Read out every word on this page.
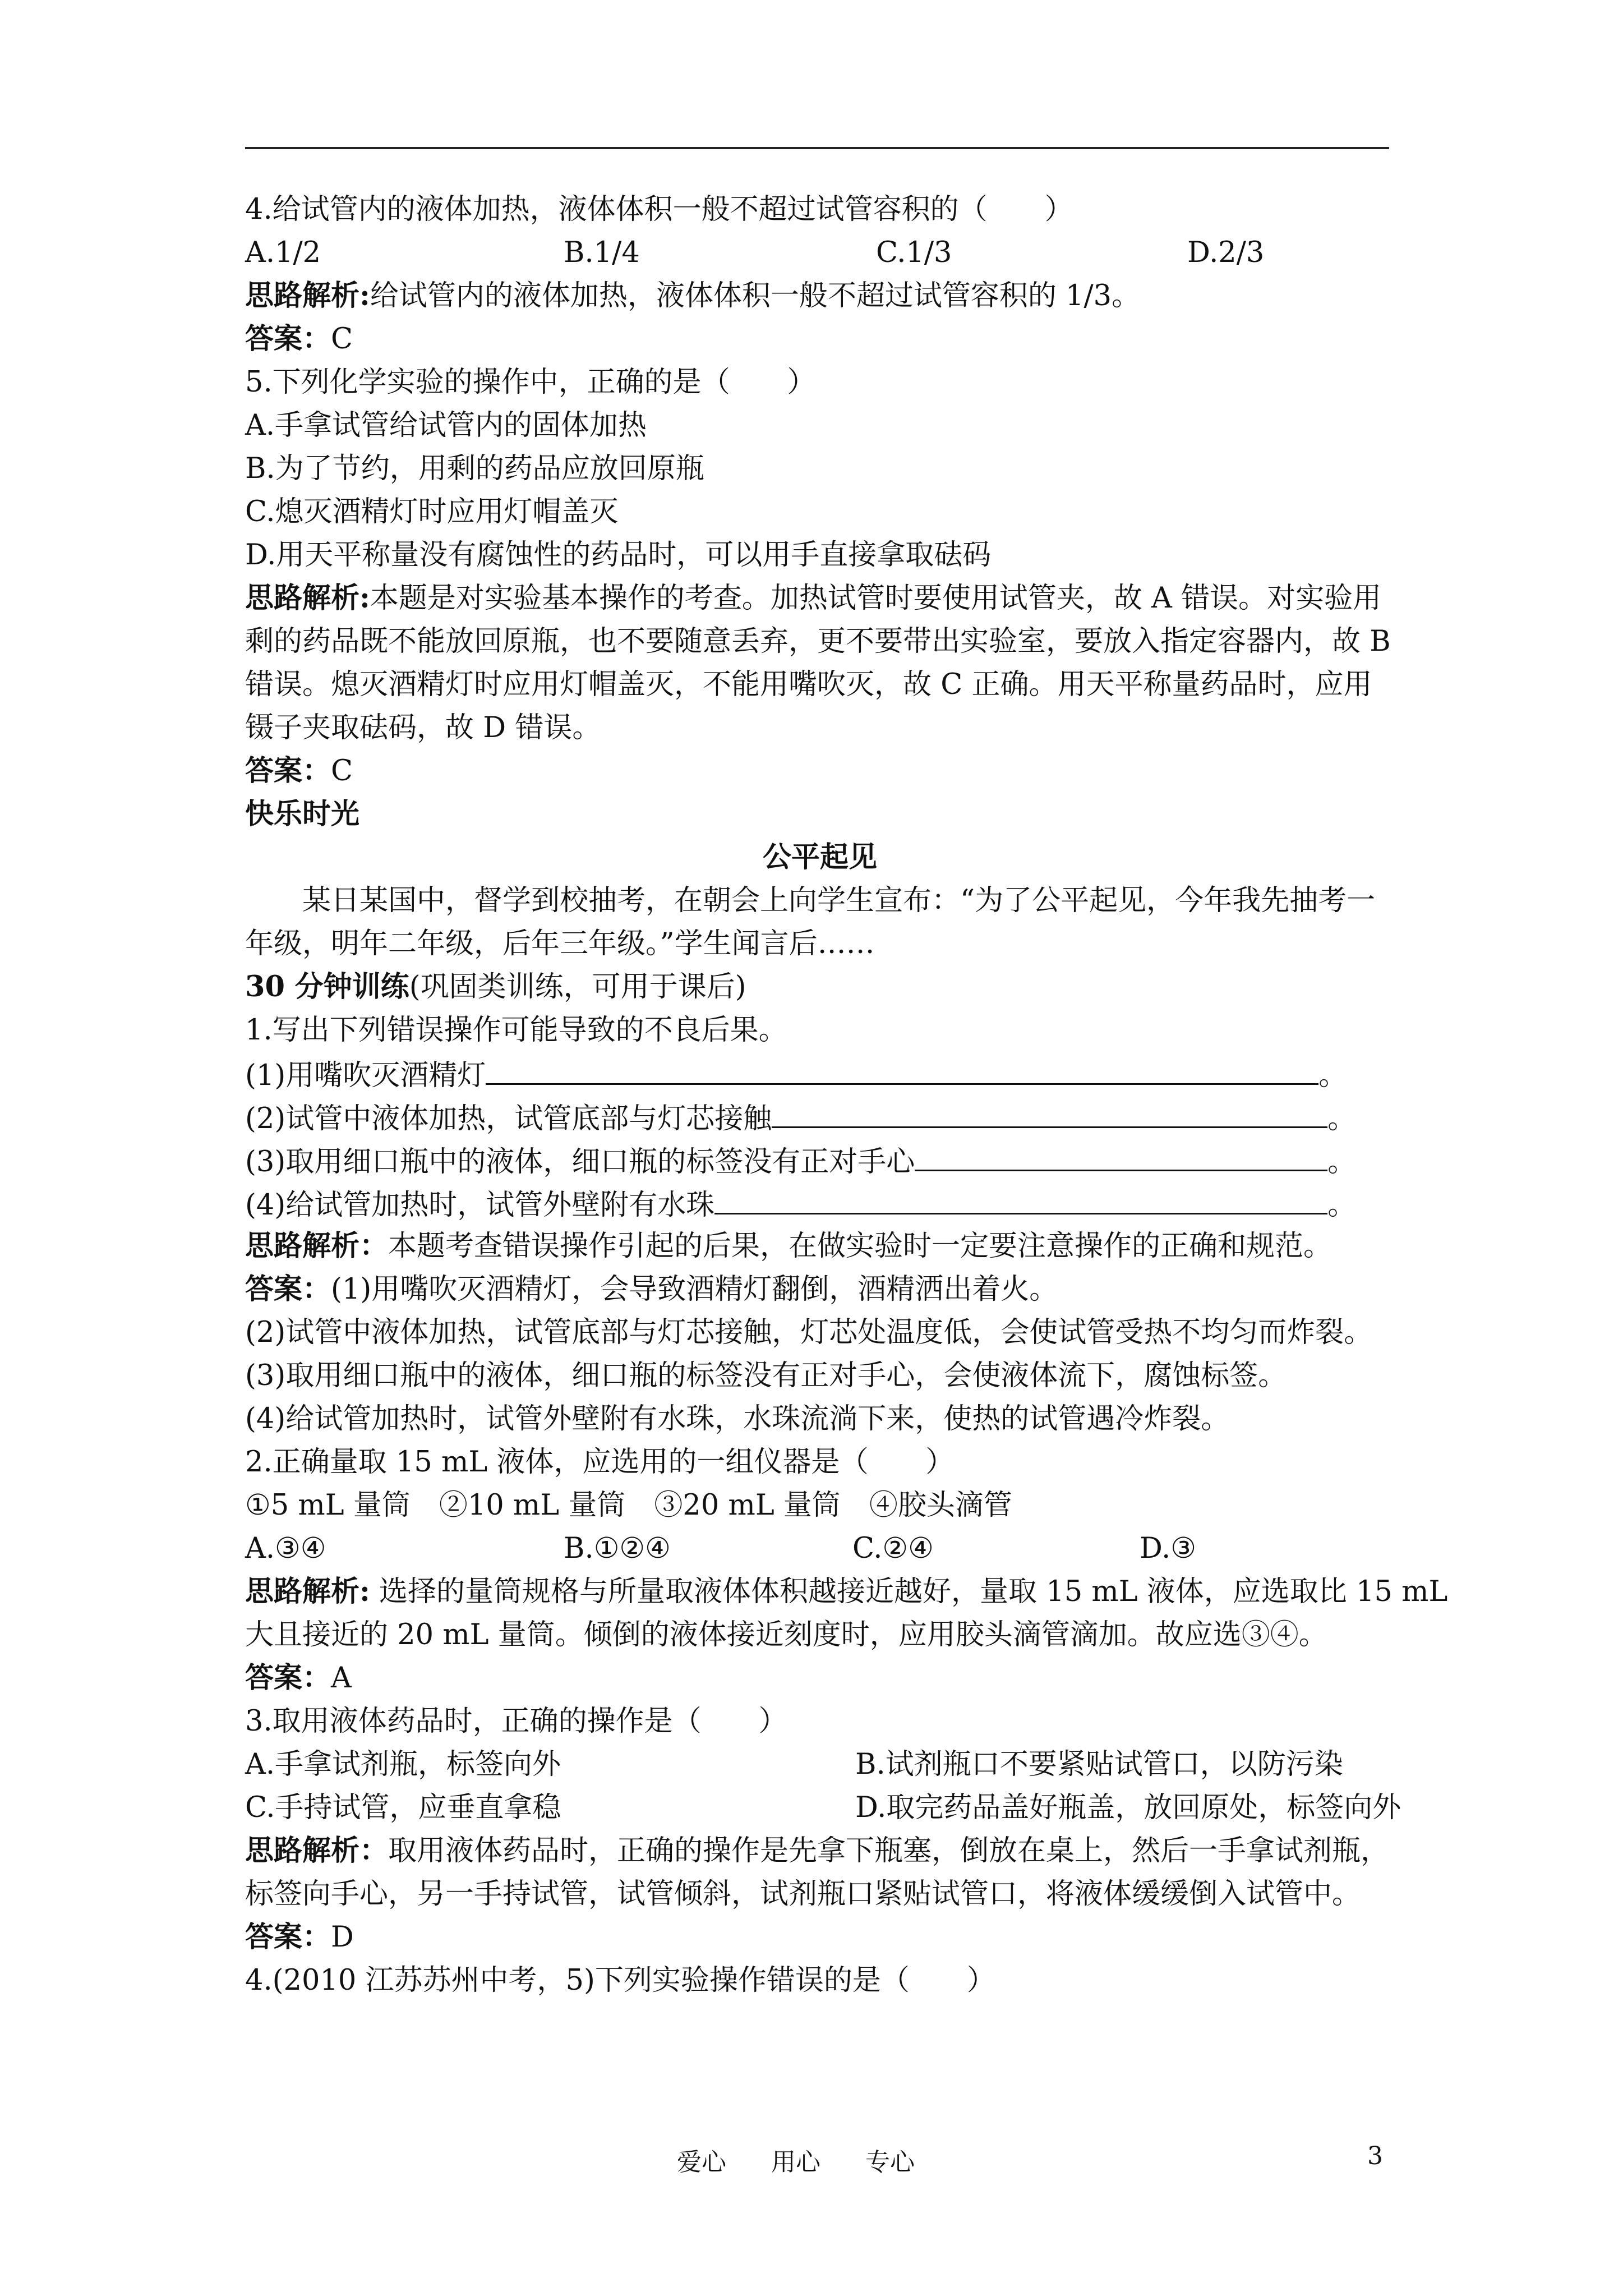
4.给试管内的液体加热，液体体积一般不超过试管容积的（　　）
A.1/2	B.1/4	C.1/3	D.2/3
思路解析:给试管内的液体加热，液体体积一般不超过试管容积的 1/3。
答案：C
5.下列化学实验的操作中，正确的是（　　）
A.手拿试管给试管内的固体加热
B.为了节约，用剩的药品应放回原瓶
C.熄灭酒精灯时应用灯帽盖灭
D.用天平称量没有腐蚀性的药品时，可以用手直接拿取砝码
思路解析:本题是对实验基本操作的考查。加热试管时要使用试管夹，故 A 错误。对实验用
剩的药品既不能放回原瓶，也不要随意丢弃，更不要带出实验室，要放入指定容器内，故 B
错误。熄灭酒精灯时应用灯帽盖灭，不能用嘴吹灭，故 C 正确。用天平称量药品时，应用
镊子夹取砝码，故 D 错误。
答案：C
快乐时光
公平起见
某日某国中，督学到校抽考，在朝会上向学生宣布：“为了公平起见，今年我先抽考一
年级，明年二年级，后年三年级。”学生闻言后……
30 分钟训练(巩固类训练，可用于课后)
1.写出下列错误操作可能导致的不良后果。
(1)用嘴吹灭酒精灯	。
(2)试管中液体加热，试管底部与灯芯接触	。
(3)取用细口瓶中的液体，细口瓶的标签没有正对手心	。
(4)给试管加热时，试管外壁附有水珠	。
思路解析：本题考查错误操作引起的后果，在做实验时一定要注意操作的正确和规范。
答案：(1)用嘴吹灭酒精灯，会导致酒精灯翻倒，酒精洒出着火。
(2)试管中液体加热，试管底部与灯芯接触，灯芯处温度低，会使试管受热不均匀而炸裂。
(3)取用细口瓶中的液体，细口瓶的标签没有正对手心，会使液体流下，腐蚀标签。
(4)给试管加热时，试管外壁附有水珠，水珠流淌下来，使热的试管遇冷炸裂。
2.正确量取 15 mL 液体，应选用的一组仪器是（　　）
①5 mL 量筒　②10 mL 量筒　③20 mL 量筒　④胶头滴管
A.③④	B.①②④	C.②④	D.③
思路解析: 选择的量筒规格与所量取液体体积越接近越好，量取 15 mL 液体，应选取比 15 mL
大且接近的 20 mL 量筒。倾倒的液体接近刻度时，应用胶头滴管滴加。故应选③④。
答案：A
3.取用液体药品时，正确的操作是（　　）
A.手拿试剂瓶，标签向外	B.试剂瓶口不要紧贴试管口，以防污染
C.手持试管，应垂直拿稳	D.取完药品盖好瓶盖，放回原处，标签向外
思路解析：取用液体药品时，正确的操作是先拿下瓶塞，倒放在桌上，然后一手拿试剂瓶，
标签向手心，另一手持试管，试管倾斜，试剂瓶口紧贴试管口，将液体缓缓倒入试管中。
答案：D
4.(2010 江苏苏州中考，5)下列实验操作错误的是（　　）
爱心 用心 专心	3
